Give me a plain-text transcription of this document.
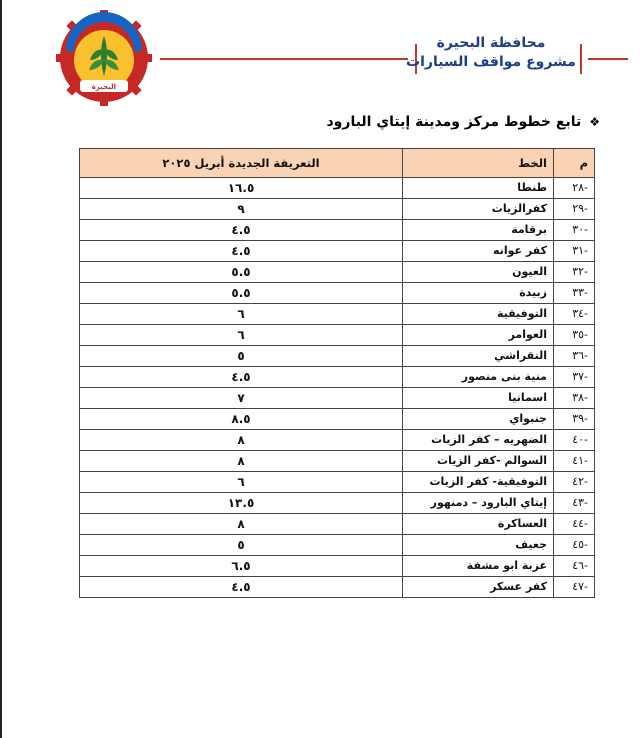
البحيرة
محافظة البحيرة
مشروع مواقف السيارات
❖
تابع خطوط مركز ومدينة إيتاي البارود
م	الخط	التعريفة الجديدة أبريل ٢٠٢٥
-٢٨	طنطا	١٦.٥
-٢٩	كفرالزيات	٩
-٣٠	برقامة	٤.٥
-٣١	كفر عوانه	٤.٥
-٣٢	العيون	٥.٥
-٣٣	زبيدة	٥.٥
-٣٤	التوفيقية	٦
-٣٥	العوامر	٦
-٣٦	النقراشي	٥
-٣٧	منية بنى منصور	٤.٥
-٣٨	اسمانيا	٧
-٣٩	جنبواي	٨.٥
-٤٠	الضهريه – كفر الزيات	٨
-٤١	السوالم -كفر الزيات	٨
-٤٢	التوفيقية- كفر الزيات	٦
-٤٣	إيتاي البارود – دمنهور	١٣.٥
-٤٤	العساكرة	٨
-٤٥	جعيف	٥
-٤٦	عزبة ابو مشفة	٦.٥
-٤٧	كفر عسكر	٤.٥
